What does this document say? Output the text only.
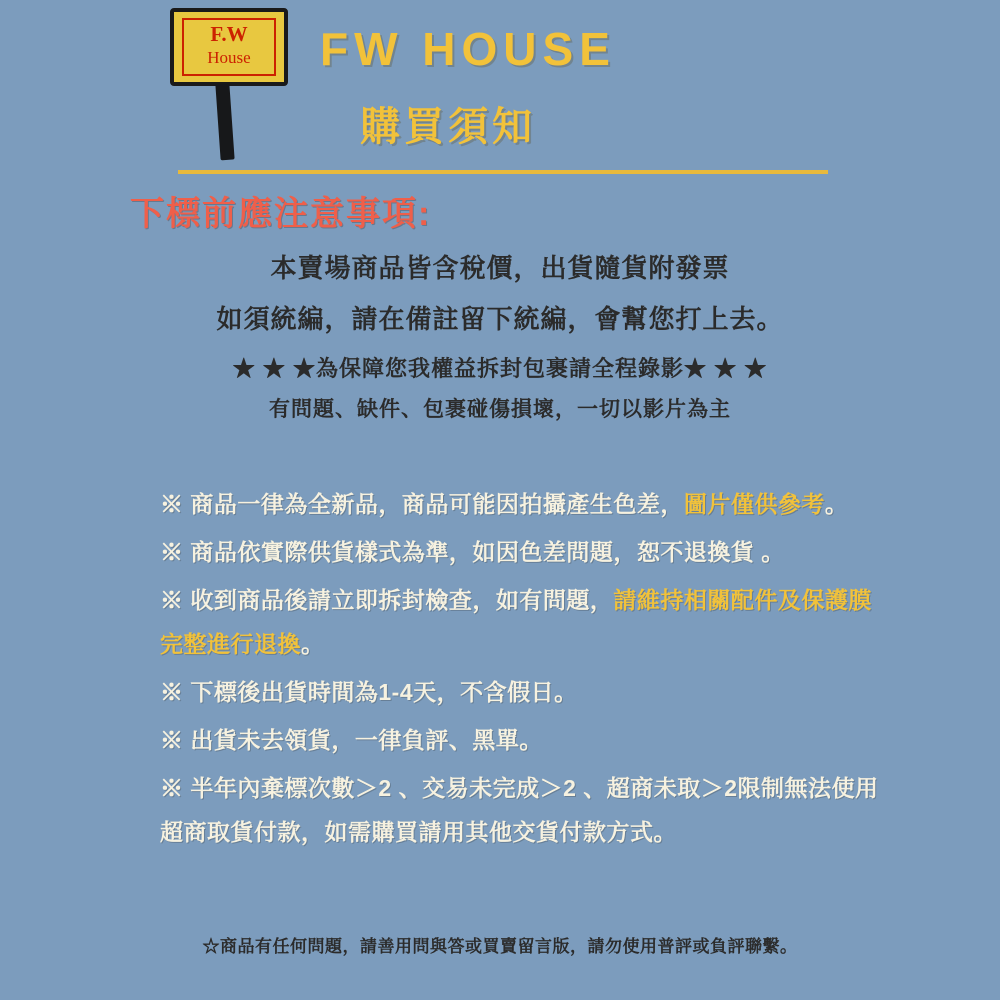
F.W
House	FW HOUSE
購買須知
下標前應注意事項:
本賣場商品皆含稅價，出貨隨貨附發票
如須統編，請在備註留下統編，會幫您打上去。
★ ★ ★為保障您我權益拆封包裹請全程錄影★ ★ ★
有問題、缺件、包裹碰傷損壞，一切以影片為主

※ 商品一律為全新品，商品可能因拍攝產生色差，圖片僅供參考。

※ 商品依實際供貨樣式為準，如因色差問題，恕不退換貨 。

※ 收到商品後請立即拆封檢查，如有問題，請維持相關配件及保護膜完整進行退換。

※ 下標後出貨時間為1-4天，不含假日。

※ 出貨未去領貨，一律負評、黑單。

※ 半年內棄標次數＞2 、交易未完成＞2 、超商未取＞2限制無法使用超商取貨付款，如需購買請用其他交貨付款方式。

☆商品有任何問題，請善用問與答或買賣留言版，請勿使用普評或負評聯繫。
